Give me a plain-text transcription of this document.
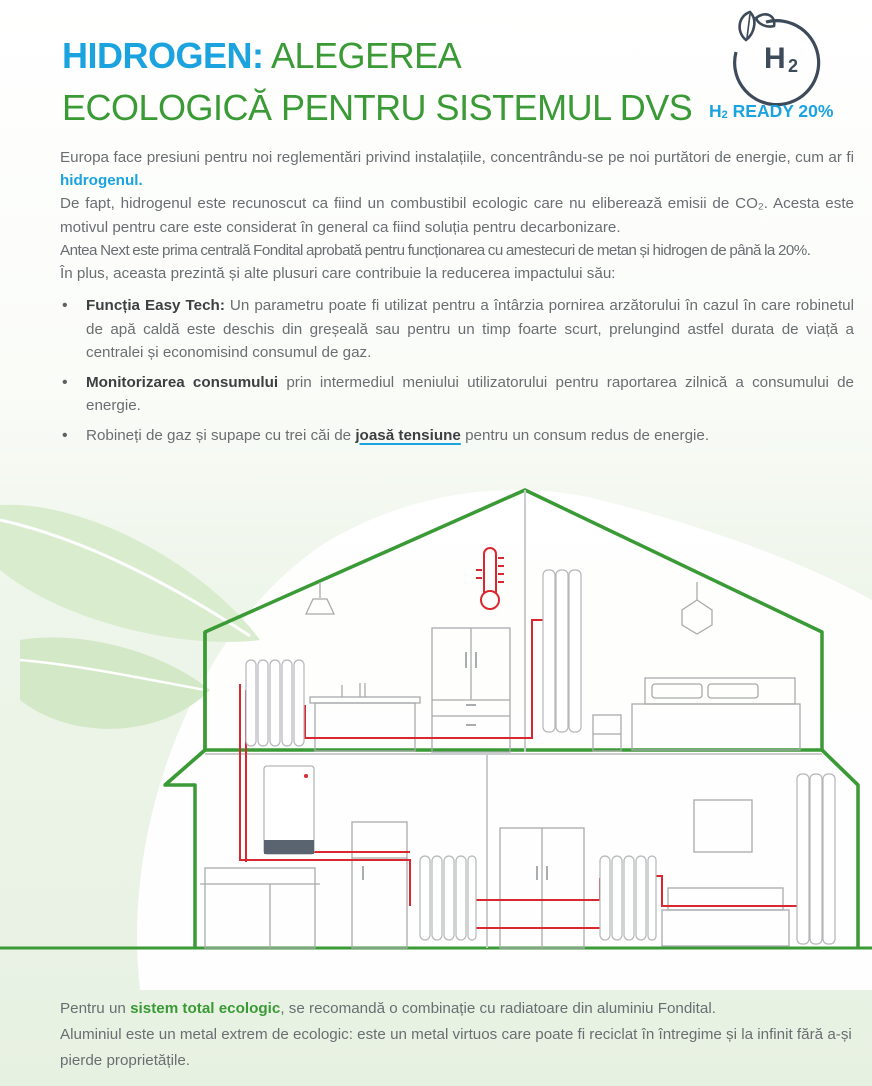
HIDROGEN: ALEGEREA
ECOLOGICĂ PENTRU SISTEMUL DVS
H 2
$H_2$ READY 20%

Europa face presiuni pentru noi reglementări privind instalațiile, concentrându-se pe noi purtători de energie, cum ar fi hidrogenul.

De fapt, hidrogenul este recunoscut ca fiind un combustibil ecologic care nu eliberează emisii de CO₂. Acesta este motivul pentru care este considerat în general ca fiind soluția pentru decarbonizare.

Antea Next este prima centrală Fondital aprobată pentru funcționarea cu amestecuri de metan și hidrogen de până la 20%.

În plus, aceasta prezintă și alte plusuri care contribuie la reducerea impactului său:

• Funcția Easy Tech: Un parametru poate fi utilizat pentru a întârzia pornirea arzătorului în cazul în care robinetul de apă caldă este deschis din greșeală sau pentru un timp foarte scurt, prelungind astfel durata de viață a centralei și economisind consumul de gaz.
• Monitorizarea consumului prin intermediul meniului utilizatorului pentru raportarea zilnică a consumului de energie.
• Robineți de gaz și supape cu trei căi de joasă tensiune pentru un consum redus de energie.

Pentru un sistem total ecologic, se recomandă o combinație cu radiatoare din aluminiu Fondital.

Aluminiul este un metal extrem de ecologic: este un metal virtuos care poate fi reciclat în întregime și la infinit fără a-și pierde proprietățile.
